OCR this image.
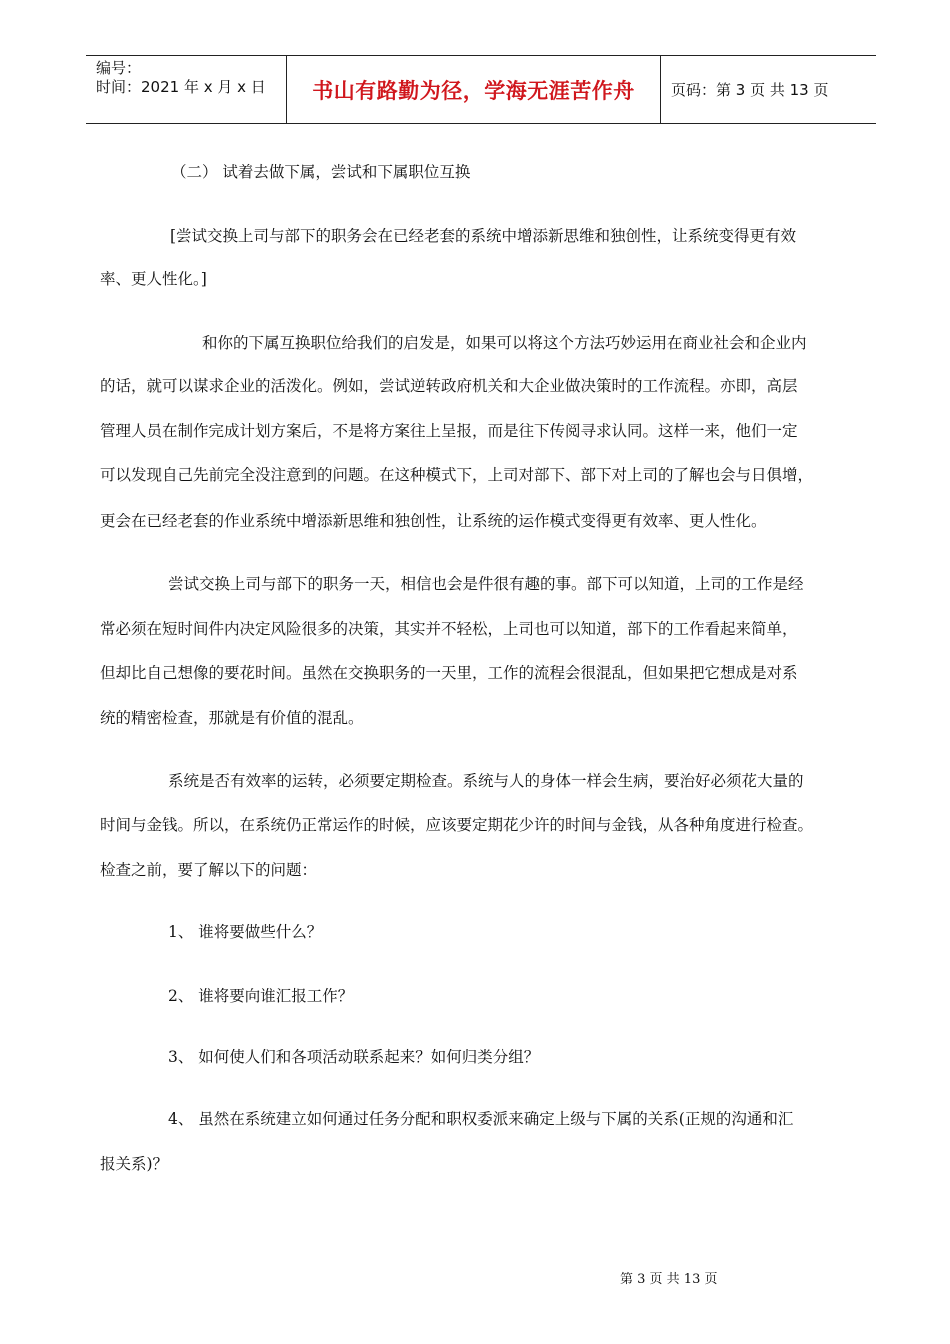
编号：
时间：2021 年 x 月 x 日	书山有路勤为径，学海无涯苦作舟	页码：第 3 页 共 13 页
（二） 试着去做下属，尝试和下属职位互换
[尝试交换上司与部下的职务会在已经老套的系统中增添新思维和独创性，让系统变得更有效
率、更人性化。]
和你的下属互换职位给我们的启发是，如果可以将这个方法巧妙运用在商业社会和企业内
的话，就可以谋求企业的活泼化。例如，尝试逆转政府机关和大企业做决策时的工作流程。亦即，高层
管理人员在制作完成计划方案后，不是将方案往上呈报，而是往下传阅寻求认同。这样一来，他们一定
可以发现自己先前完全没注意到的问题。在这种模式下，上司对部下、部下对上司的了解也会与日俱增，
更会在已经老套的作业系统中增添新思维和独创性，让系统的运作模式变得更有效率、更人性化。
尝试交换上司与部下的职务一天，相信也会是件很有趣的事。部下可以知道，上司的工作是经
常必须在短时间件内决定风险很多的决策，其实并不轻松，上司也可以知道，部下的工作看起来简单，
但却比自己想像的要花时间。虽然在交换职务的一天里，工作的流程会很混乱，但如果把它想成是对系
统的精密检查，那就是有价值的混乱。
系统是否有效率的运转，必须要定期检查。系统与人的身体一样会生病，要治好必须花大量的
时间与金钱。所以，在系统仍正常运作的时候，应该要定期花少许的时间与金钱，从各种角度进行检查。
检查之前，要了解以下的问题：
1、 谁将要做些什么？
2、 谁将要向谁汇报工作？
3、 如何使人们和各项活动联系起来？如何归类分组？
4、 虽然在系统建立如何通过任务分配和职权委派来确定上级与下属的关系(正规的沟通和汇
报关系)？
第 3 页 共 13 页
